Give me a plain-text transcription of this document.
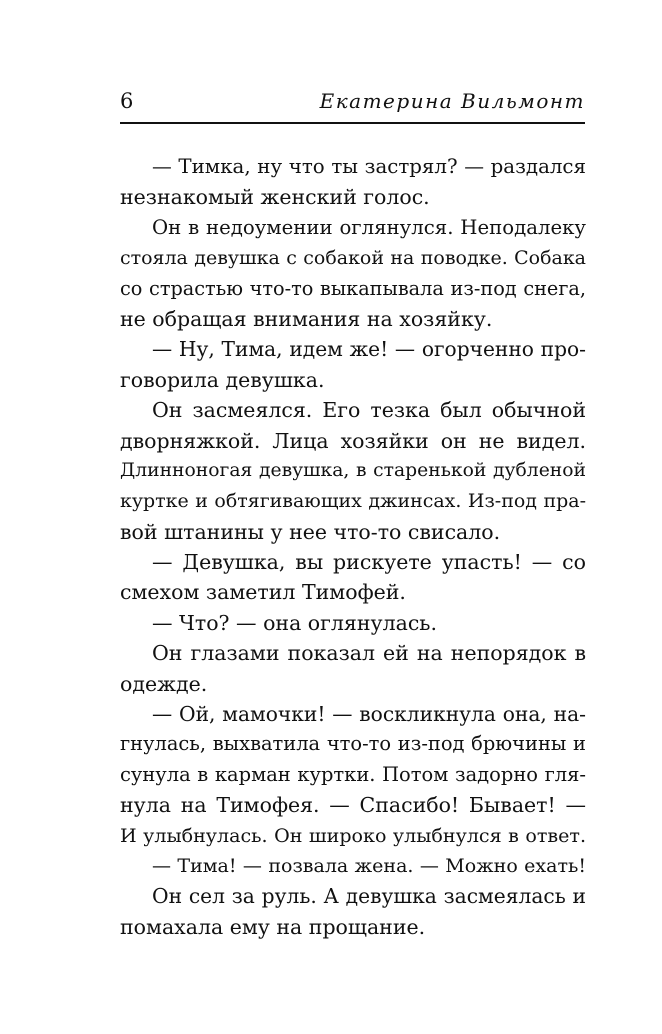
6	Екатерина Вильмонт
— Тимка, ну что ты застрял? — раздался
незнакомый женский голос.
Он в недоумении оглянулся. Неподалеку
стояла девушка с собакой на поводке. Собака
со страстью что-то выкапывала из-под снега,
не обращая внимания на хозяйку.
— Ну, Тима, идем же! — огорченно про-
говорила девушка.
Он засмеялся. Его тезка был обычной
дворняжкой. Лица хозяйки он не видел.
Длинноногая девушка, в старенькой дубленой
куртке и обтягивающих джинсах. Из-под пра-
вой штанины у нее что-то свисало.
— Девушка, вы рискуете упасть! — со
смехом заметил Тимофей.
— Что? — она оглянулась.
Он глазами показал ей на непорядок в
одежде.
— Ой, мамочки! — воскликнула она, на-
гнулась, выхватила что-то из-под брючины и
сунула в карман куртки. Потом задорно гля-
нула на Тимофея. — Спасибо! Бывает! —
И улыбнулась. Он широко улыбнулся в ответ.
— Тима! — позвала жена. — Можно ехать!
Он сел за руль. А девушка засмеялась и
помахала ему на прощание.
